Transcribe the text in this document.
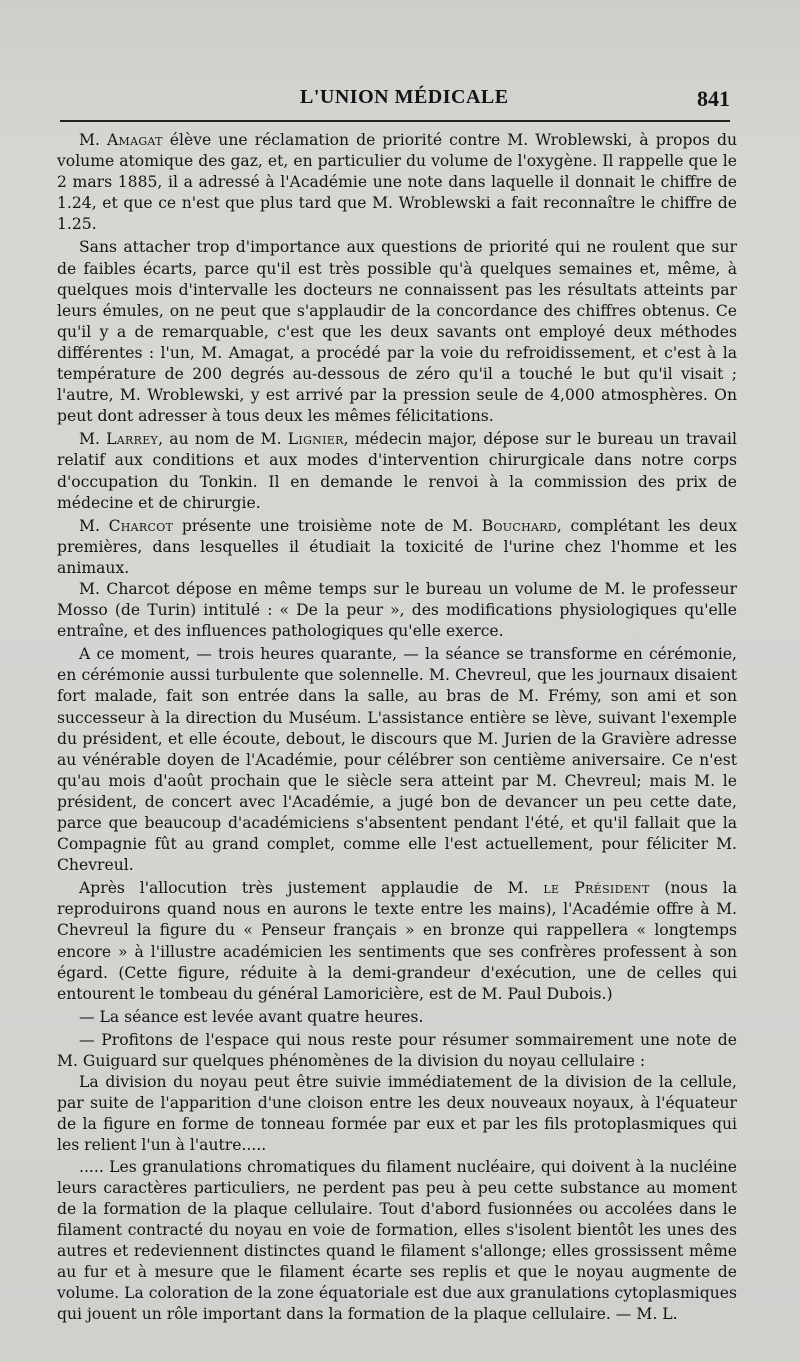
L'UNION MÉDICALE	841

M. Amagat élève une réclamation de priorité contre M. Wroblewski, à propos du volume atomique des gaz, et, en particulier du volume de l'oxygène. Il rappelle que le 2 mars 1885, il a adressé à l'Académie une note dans laquelle il donnait le chiffre de 1.24, et que ce n'est que plus tard que M. Wroblewski a fait reconnaître le chiffre de 1.25.

Sans attacher trop d'importance aux questions de priorité qui ne roulent que sur de faibles écarts, parce qu'il est très possible qu'à quelques semaines et, même, à quelques mois d'intervalle les docteurs ne connaissent pas les résultats atteints par leurs émules, on ne peut que s'applaudir de la concordance des chiffres obtenus. Ce qu'il y a de remarquable, c'est que les deux savants ont employé deux méthodes différentes : l'un, M. Amagat, a procédé par la voie du refroidissement, et c'est à la température de 200 degrés au-dessous de zéro qu'il a touché le but qu'il visait ; l'autre, M. Wroblewski, y est arrivé par la pression seule de 4,000 atmosphères. On peut dont adresser à tous deux les mêmes félicitations.

M. Larrey, au nom de M. Lignier, médecin major, dépose sur le bureau un travail relatif aux conditions et aux modes d'intervention chirurgicale dans notre corps d'occupation du Tonkin. Il en demande le renvoi à la commission des prix de médecine et de chirurgie.

M. Charcot présente une troisième note de M. Bouchard, complétant les deux premières, dans lesquelles il étudiait la toxicité de l'urine chez l'homme et les animaux.

M. Charcot dépose en même temps sur le bureau un volume de M. le professeur Mosso (de Turin) intitulé : « De la peur », des modifications physiologiques qu'elle entraîne, et des influences pathologiques qu'elle exerce.

A ce moment, — trois heures quarante, — la séance se transforme en cérémonie, en cérémonie aussi turbulente que solennelle. M. Chevreul, que les journaux disaient fort malade, fait son entrée dans la salle, au bras de M. Frémy, son ami et son successeur à la direction du Muséum. L'assistance entière se lève, suivant l'exemple du président, et elle écoute, debout, le discours que M. Jurien de la Gravière adresse au vénérable doyen de l'Académie, pour célébrer son centième aniversaire. Ce n'est qu'au mois d'août prochain que le siècle sera atteint par M. Chevreul; mais M. le président, de concert avec l'Académie, a jugé bon de devancer un peu cette date, parce que beaucoup d'académiciens s'absentent pendant l'été, et qu'il fallait que la Compagnie fût au grand complet, comme elle l'est actuellement, pour féliciter M. Chevreul.

Après l'allocution très justement applaudie de M. le Président (nous la reproduirons quand nous en aurons le texte entre les mains), l'Académie offre à M. Chevreul la figure du « Penseur français » en bronze qui rappellera « longtemps encore » à l'illustre académicien les sentiments que ses confrères professent à son égard. (Cette figure, réduite à la demi-grandeur d'exécution, une de celles qui entourent le tombeau du général Lamoricière, est de M. Paul Dubois.)

— La séance est levée avant quatre heures.

— Profitons de l'espace qui nous reste pour résumer sommairement une note de M. Guiguard sur quelques phénomènes de la division du noyau cellulaire :

La division du noyau peut être suivie immédiatement de la division de la cellule, par suite de l'apparition d'une cloison entre les deux nouveaux noyaux, à l'équateur de la figure en forme de tonneau formée par eux et par les fils protoplasmiques qui les relient l'un à l'autre.....

..... Les granulations chromatiques du filament nucléaire, qui doivent à la nucléine leurs caractères particuliers, ne perdent pas peu à peu cette substance au moment de la formation de la plaque cellulaire. Tout d'abord fusionnées ou accolées dans le filament contracté du noyau en voie de formation, elles s'isolent bientôt les unes des autres et redeviennent distinctes quand le filament s'allonge; elles grossissent même au fur et à mesure que le filament écarte ses replis et que le noyau augmente de volume. La coloration de la zone équatoriale est due aux granulations cytoplasmiques qui jouent un rôle important dans la formation de la plaque cellulaire. — M. L.
